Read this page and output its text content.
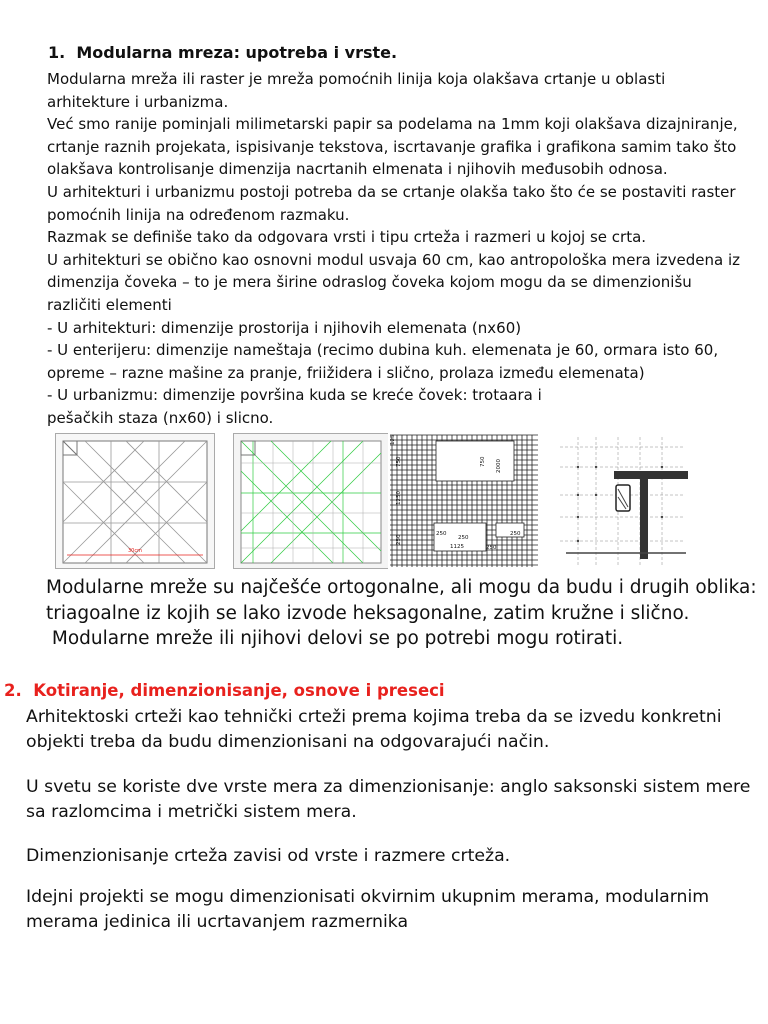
1. Modularna mreza: upotreba i vrste.
Modularna mreža ili raster je mreža pomoćnih linija koja olakšava crtanje u oblasti
arhitekture i urbanizma.
Već smo ranije pominjali milimetarski papir sa podelama na 1mm koji olakšava dizajniranje,
crtanje raznih projekata, ispisivanje tekstova, iscrtavanje grafika i grafikona samim tako što
olakšava kontrolisanje dimenzija nacrtanih elmenata i njihovih međusobih odnosa.
U arhitekturi i urbanizmu postoji potreba da se crtanje olakša tako što će se postaviti raster
pomoćnih linija na određenom razmaku.
Razmak se definiše tako da odgovara vrsti i tipu crteža i razmeri u kojoj se crta.
U arhitekturi se obično kao osnovni modul usvaja 60 cm, kao antropološka mera izvedena iz
dimenzija čoveka – to je mera širine odraslog čoveka kojom mogu da se dimenzionišu
različiti elementi
- U arhitekturi: dimenzije prostorija i njihovih elemenata (nx60)
- U enterijeru: dimenzije nameštaja (recimo dubina kuh. elemenata je 60, ormara isto 60,
opreme – razne mašine za pranje, friižidera i slično, prolaza između elemenata)
- U urbanizmu: dimenzije površina kuda se kreće čovek: trotaara i
pešačkih staza (nx60) i slicno.
30cm
125
750	750 2000
1250
250
250
250
1125	250
250
Modularne mreže su najčešće ortogonalne, ali mogu da budu i drugih oblika:
triagoalne iz kojih se lako izvode heksagonalne, zatim kružne i slično.
Modularne mreže ili njihovi delovi se po potrebi mogu rotirati.
2. Kotiranje, dimenzionisanje, osnove i preseci
Arhitektoski crteži kao tehnički crteži prema kojima treba da se izvedu konkretni
objekti treba da budu dimenzionisani na odgovarajući način.
U svetu se koriste dve vrste mera za dimenzionisanje: anglo saksonski sistem mere
sa razlomcima i metrički sistem mera.
Dimenzionisanje crteža zavisi od vrste i razmere crteža.
Idejni projekti se mogu dimenzionisati okvirnim ukupnim merama, modularnim
merama jedinica ili ucrtavanjem razmernika
